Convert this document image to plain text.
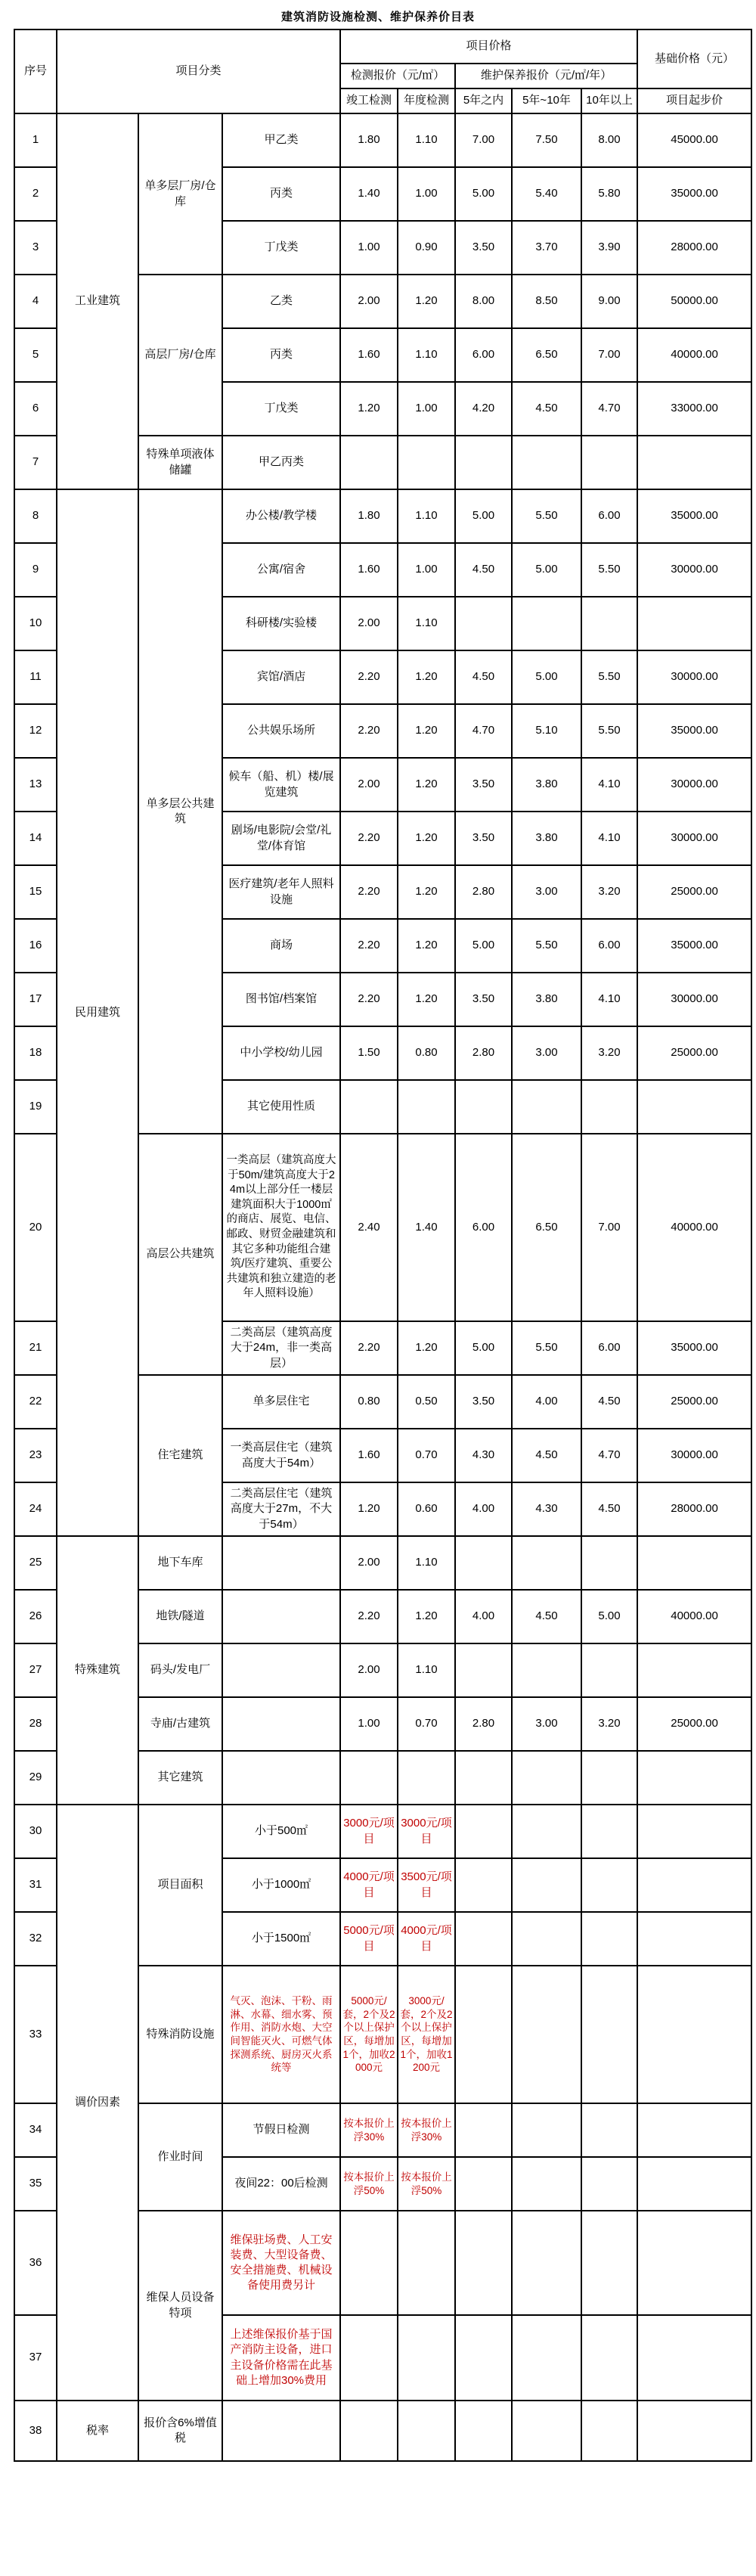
建筑消防设施检测、维护保养价目表
序号	项目分类			项目价格					基础价格（元）
				检测报价（元/㎡）		维护保养报价（元/㎡/年）			
				竣工检测	年度检测	5年之内	5年~10年	10年以上	项目起步价
1	工业建筑	单多层厂房/仓库	甲乙类	1.80	1.10	7.00	7.50	8.00	45000.00
2			丙类	1.40	1.00	5.00	5.40	5.80	35000.00
3			丁戊类	1.00	0.90	3.50	3.70	3.90	28000.00
4		高层厂房/仓库	乙类	2.00	1.20	8.00	8.50	9.00	50000.00
5			丙类	1.60	1.10	6.00	6.50	7.00	40000.00
6			丁戊类	1.20	1.00	4.20	4.50	4.70	33000.00
7		特殊单项液体储罐	甲乙丙类						
8	民用建筑	单多层公共建筑	办公楼/教学楼	1.80	1.10	5.00	5.50	6.00	35000.00
9			公寓/宿舍	1.60	1.00	4.50	5.00	5.50	30000.00
10			科研楼/实验楼	2.00	1.10				
11			宾馆/酒店	2.20	1.20	4.50	5.00	5.50	30000.00
12			公共娱乐场所	2.20	1.20	4.70	5.10	5.50	35000.00
13			候车（船、机）楼/展览建筑	2.00	1.20	3.50	3.80	4.10	30000.00
14			剧场/电影院/会堂/礼堂/体育馆	2.20	1.20	3.50	3.80	4.10	30000.00
15			医疗建筑/老年人照料设施	2.20	1.20	2.80	3.00	3.20	25000.00
16			商场	2.20	1.20	5.00	5.50	6.00	35000.00
17			图书馆/档案馆	2.20	1.20	3.50	3.80	4.10	30000.00
18			中小学校/幼儿园	1.50	0.80	2.80	3.00	3.20	25000.00
19			其它使用性质						
20		高层公共建筑	一类高层（建筑高度大于50m/建筑高度大于24m以上部分任一楼层建筑面积大于1000㎡的商店、展览、电信、邮政、财贸金融建筑和其它多种功能组合建筑/医疗建筑、重要公共建筑和独立建造的老年人照料设施）	2.40	1.40	6.00	6.50	7.00	40000.00
21			二类高层（建筑高度大于24m，非一类高层）	2.20	1.20	5.00	5.50	6.00	35000.00
22		住宅建筑	单多层住宅	0.80	0.50	3.50	4.00	4.50	25000.00
23			一类高层住宅（建筑高度大于54m）	1.60	0.70	4.30	4.50	4.70	30000.00
24			二类高层住宅（建筑高度大于27m，不大于54m）	1.20	0.60	4.00	4.30	4.50	28000.00
25	特殊建筑	地下车库		2.00	1.10				
26		地铁/隧道		2.20	1.20	4.00	4.50	5.00	40000.00
27		码头/发电厂		2.00	1.10				
28		寺庙/古建筑		1.00	0.70	2.80	3.00	3.20	25000.00
29		其它建筑							
30	调价因素	项目面积	小于500㎡	3000元/项目	3000元/项目				
31			小于1000㎡	4000元/项目	3500元/项目				
32			小于1500㎡	5000元/项目	4000元/项目				
33		特殊消防设施	气灭、泡沫、干粉、雨淋、水幕、细水雾、预作用、消防水炮、大空间智能灭火、可燃气体探测系统、厨房灭火系统等	5000元/套，2个及2个以上保护区，每增加1个，加收2000元	3000元/套，2个及2个以上保护区，每增加1个，加收1200元				
34		作业时间	节假日检测	按本报价上浮30%	按本报价上浮30%				
35			夜间22：00后检测	按本报价上浮50%	按本报价上浮50%				
36		维保人员设备特项	维保驻场费、人工安装费、大型设备费、安全措施费、机械设备使用费另计						
37			上述维保报价基于国产消防主设备，进口主设备价格需在此基础上增加30%费用						
38	税率	报价含6%增值税							
